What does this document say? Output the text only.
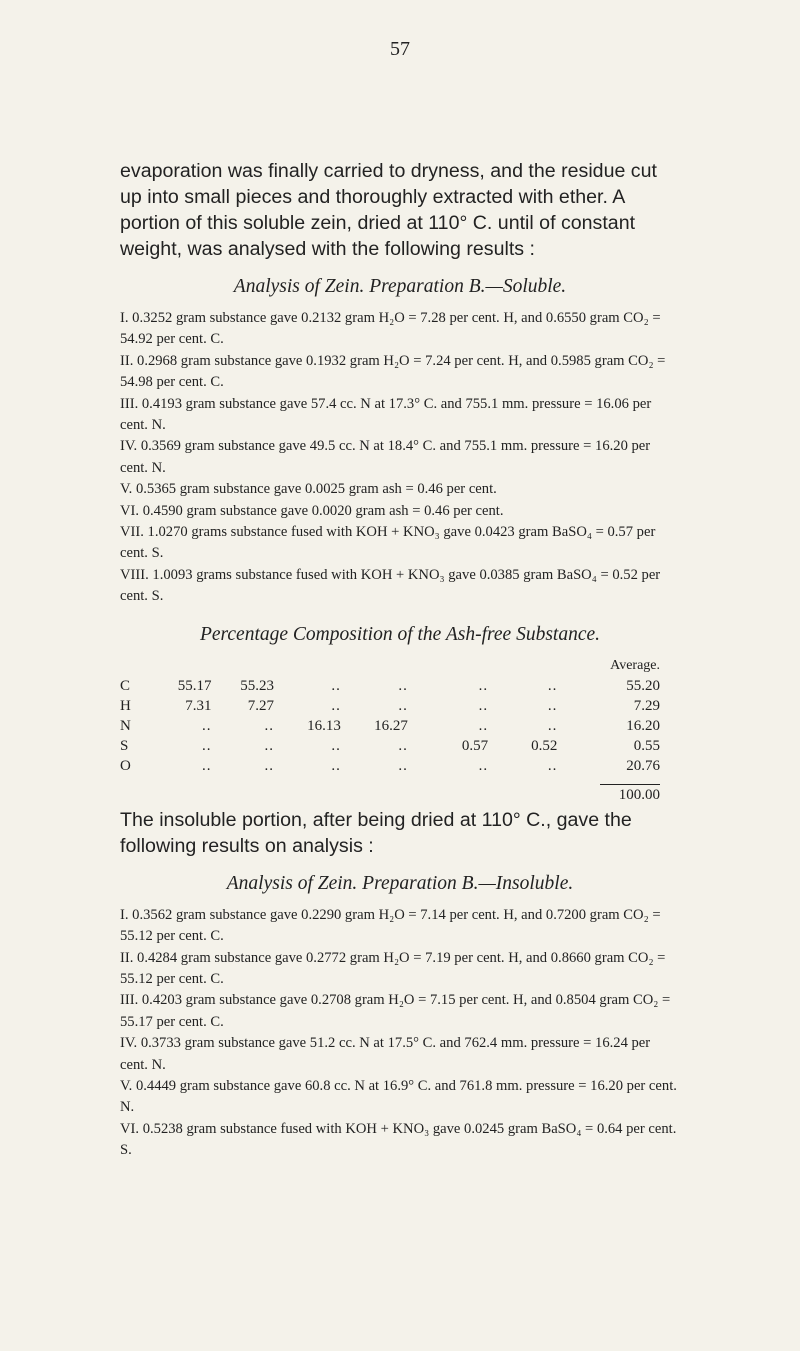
57

evaporation was finally carried to dryness, and the residue cut up into small pieces and thoroughly extracted with ether. A portion of this soluble zein, dried at 110° C. until of constant weight, was analysed with the following results :

Analysis of Zein. Preparation B.—Soluble.

I. 0.3252 gram substance gave 0.2132 gram H₂O = 7.28 per cent. H, and 0.6550 gram CO₂ = 54.92 per cent. C.

II. 0.2968 gram substance gave 0.1932 gram H₂O = 7.24 per cent. H, and 0.5985 gram CO₂ = 54.98 per cent. C.

III. 0.4193 gram substance gave 57.4 cc. N at 17.3° C. and 755.1 mm. pressure = 16.06 per cent. N.

IV. 0.3569 gram substance gave 49.5 cc. N at 18.4° C. and 755.1 mm. pressure = 16.20 per cent. N.

V. 0.5365 gram substance gave 0.0025 gram ash = 0.46 per cent.

VI. 0.4590 gram substance gave 0.0020 gram ash = 0.46 per cent.

VII. 1.0270 grams substance fused with KOH + KNO₃ gave 0.0423 gram BaSO₄ = 0.57 per cent. S.

VIII. 1.0093 grams substance fused with KOH + KNO₃ gave 0.0385 gram BaSO₄ = 0.52 per cent. S.

Percentage Composition of the Ash-free Substance.
							Average.
C	55.17	55.23	..	..	..	..	55.20
H	7.31	7.27	..	..	..	..	7.29
N	..	..	16.13	16.27	..	..	16.20
S	..	..	..	..	0.57	0.52	0.55
O	..	..	..	..	..	..	20.76

100.00

The insoluble portion, after being dried at 110° C., gave the following results on analysis :

Analysis of Zein. Preparation B.—Insoluble.

I. 0.3562 gram substance gave 0.2290 gram H₂O = 7.14 per cent. H, and 0.7200 gram CO₂ = 55.12 per cent. C.

II. 0.4284 gram substance gave 0.2772 gram H₂O = 7.19 per cent. H, and 0.8660 gram CO₂ = 55.12 per cent. C.

III. 0.4203 gram substance gave 0.2708 gram H₂O = 7.15 per cent. H, and 0.8504 gram CO₂ = 55.17 per cent. C.

IV. 0.3733 gram substance gave 51.2 cc. N at 17.5° C. and 762.4 mm. pressure = 16.24 per cent. N.

V. 0.4449 gram substance gave 60.8 cc. N at 16.9° C. and 761.8 mm. pressure = 16.20 per cent. N.

VI. 0.5238 gram substance fused with KOH + KNO₃ gave 0.0245 gram BaSO₄ = 0.64 per cent. S.
